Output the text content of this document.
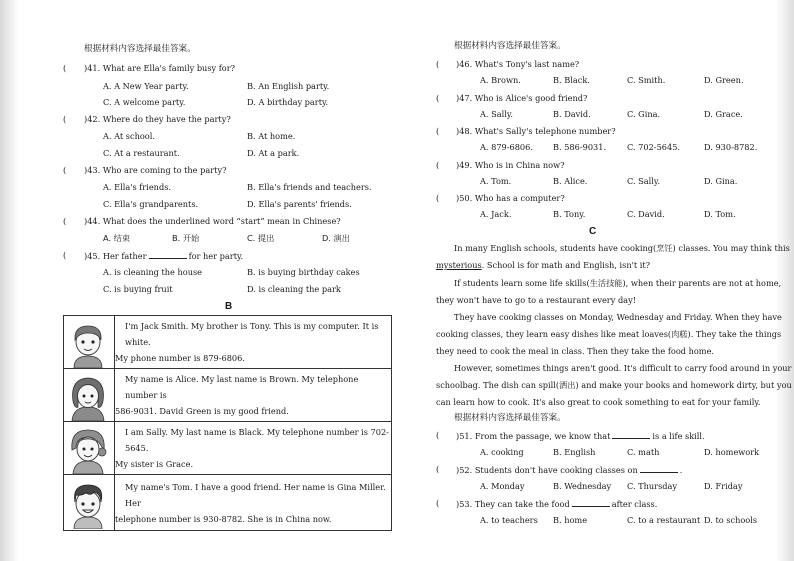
根据材料内容选择最佳答案。
( )41. What are Ella's family busy for?
A. A New Year party.	B. An English party.
C. A welcome party.	D. A birthday party.
( )42. Where do they have the party?
A. At school.	B. At home.
C. At a restaurant.	D. At a park.
( )43. Who are coming to the party?
A. Ella's friends.	B. Ella's friends and teachers.
C. Ella's grandparents.	D. Ella's parents' friends.
( )44. What does the underlined word “start” mean in Chinese?
A. 结束	B. 开始	C. 提出	D. 演出
( )45. Her father	for her party.
A. is cleaning the house	B. is buying birthday cakes
C. is buying fruit	D. is cleaning the park
B

I'm Jack Smith. My brother is Tony. This is my computer. It is white.
My phone number is 879-6806.

My name is Alice. My last name is Brown. My telephone number is
586-9031. David Green is my good friend.

I am Sally. My last name is Black. My telephone number is 702-5645.
My sister is Grace.

My name's Tom. I have a good friend. Her name is Gina Miller. Her
telephone number is 930-8782. She is in China now.
根据材料内容选择最佳答案。
( )46. What's Tony's last name?
A. Brown.	B. Black.	C. Smith.	D. Green.
( )47. Who is Alice's good friend?
A. Sally.	B. David.	C. Gina.	D. Grace.
( )48. What's Sally's telephone number?
A. 879-6806. B. 586-9031.	C. 702-5645.	D. 930-8782.
( )49. Who is in China now?
A. Tom.	B. Alice.	C. Sally.	D. Gina.
( )50. Who has a computer?
A. Jack.	B. Tony.	C. David.	D. Tom.
C
In many English schools, students have cooking(烹饪) classes. You may think this
mysterious. School is for math and English, isn't it?
If students learn some life skills(生活技能), when their parents are not at home,
they won't have to go to a restaurant every day!
They have cooking classes on Monday, Wednesday and Friday. When they have
cooking classes, they learn easy dishes like meat loaves(肉糕). They take the things
they need to cook the meal in class. Then they take the food home.
However, sometimes things aren't good. It's difficult to carry food around in your
schoolbag. The dish can spill(洒出) and make your books and homework dirty, but you
can learn how to cook. It's also great to cook something to eat for your family.
根据材料内容选择最佳答案。
( )51. From the passage, we know that	is a life skill.
A. cooking	B. English	C. math	D. homework
( )52. Students don't have cooking classes on	.
A. Monday	B. Wednesday C. Thursday	D. Friday
( )53. They can take the food	after class.
A. to teachers B. home	C. to a restaurant D. to schools
